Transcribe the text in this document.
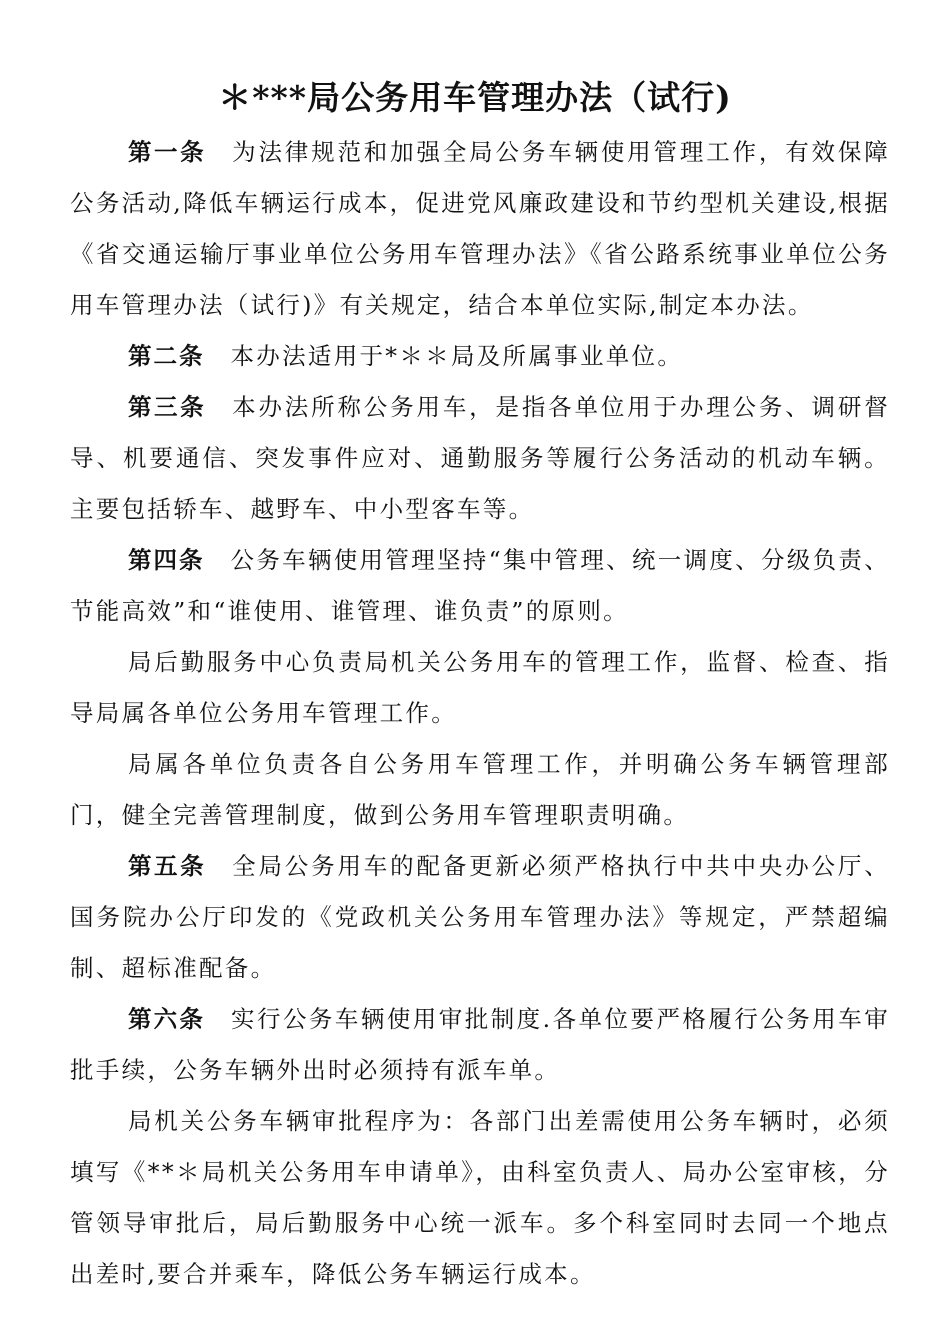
＊***局公务用车管理办法（试行)

第一条 为法律规范和加强全局公务车辆使用管理工作，有效保障公务活动,降低车辆运行成本，促进党风廉政建设和节约型机关建设,根据《省交通运输厅事业单位公务用车管理办法》《省公路系统事业单位公务用车管理办法（试行)》有关规定，结合本单位实际,制定本办法。

第二条 本办法适用于*＊＊局及所属事业单位。

第三条 本办法所称公务用车，是指各单位用于办理公务、调研督导、机要通信、突发事件应对、通勤服务等履行公务活动的机动车辆。主要包括轿车、越野车、中小型客车等。

第四条 公务车辆使用管理坚持“集中管理、统一调度、分级负责、节能高效”和“谁使用、谁管理、谁负责”的原则。

局后勤服务中心负责局机关公务用车的管理工作，监督、检查、指导局属各单位公务用车管理工作。

局属各单位负责各自公务用车管理工作，并明确公务车辆管理部门，健全完善管理制度，做到公务用车管理职责明确。

第五条 全局公务用车的配备更新必须严格执行中共中央办公厅、国务院办公厅印发的《党政机关公务用车管理办法》等规定，严禁超编制、超标准配备。

第六条 实行公务车辆使用审批制度.各单位要严格履行公务用车审批手续，公务车辆外出时必须持有派车单。

局机关公务车辆审批程序为：各部门出差需使用公务车辆时，必须填写《**＊局机关公务用车申请单》，由科室负责人、局办公室审核，分管领导审批后，局后勤服务中心统一派车。多个科室同时去同一个地点出差时,要合并乘车，降低公务车辆运行成本。
